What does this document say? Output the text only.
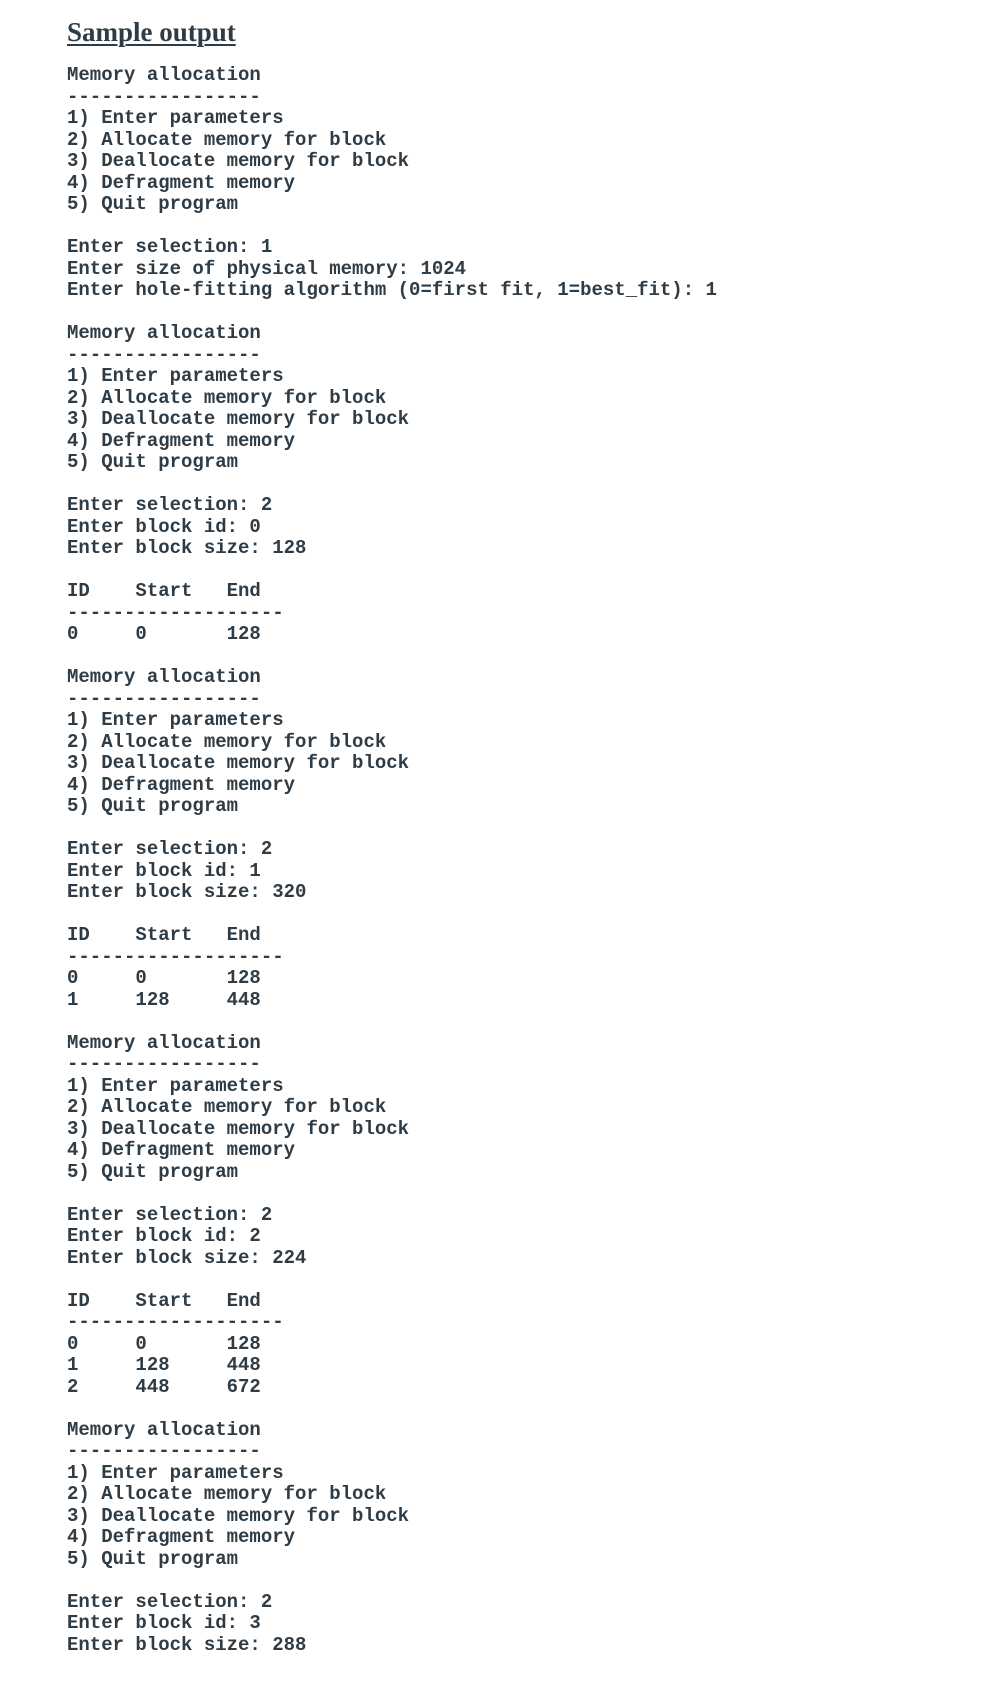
Sample output
Memory allocation
-----------------
1) Enter parameters
2) Allocate memory for block
3) Deallocate memory for block
4) Defragment memory
5) Quit program
Enter selection: 1
Enter size of physical memory: 1024
Enter hole-fitting algorithm (0=first fit, 1=best_fit): 1
Memory allocation
-----------------
1) Enter parameters
2) Allocate memory for block
3) Deallocate memory for block
4) Defragment memory
5) Quit program
Enter selection: 2
Enter block id: 0
Enter block size: 128
ID    Start   End
-------------------
0     0       128
Memory allocation
-----------------
1) Enter parameters
2) Allocate memory for block
3) Deallocate memory for block
4) Defragment memory
5) Quit program
Enter selection: 2
Enter block id: 1
Enter block size: 320
ID    Start   End
-------------------
0     0       128
1     128     448
Memory allocation
-----------------
1) Enter parameters
2) Allocate memory for block
3) Deallocate memory for block
4) Defragment memory
5) Quit program
Enter selection: 2
Enter block id: 2
Enter block size: 224
ID    Start   End
-------------------
0     0       128
1     128     448
2     448     672
Memory allocation
-----------------
1) Enter parameters
2) Allocate memory for block
3) Deallocate memory for block
4) Defragment memory
5) Quit program
Enter selection: 2
Enter block id: 3
Enter block size: 288
